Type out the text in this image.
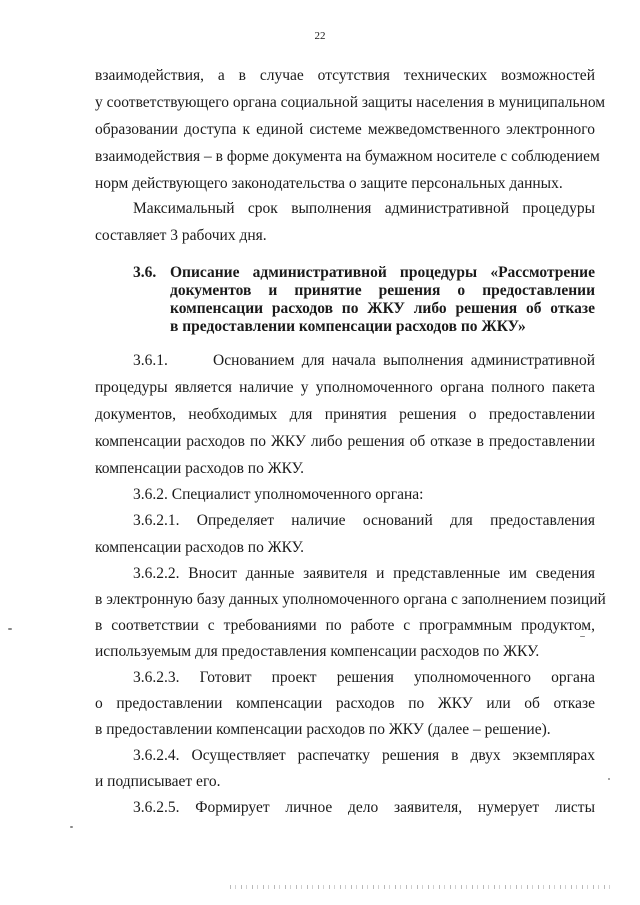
22
взаимодействия, а в случае отсутствия технических возможностей
у соответствующего органа социальной защиты населения в муниципальном
образовании доступа к единой системе межведомственного электронного
взаимодействия – в форме документа на бумажном носителе с соблюдением
норм действующего законодательства о защите персональных данных.
Максимальный срок выполнения административной процедуры
составляет 3 рабочих дня.
3.6. Описание административной процедуры «Рассмотрение
документов и принятие решения о предоставлении
компенсации расходов по ЖКУ либо решения об отказе
в предоставлении компенсации расходов по ЖКУ»
3.6.1.	Основанием для начала выполнения административной
процедуры является наличие у уполномоченного органа полного пакета
документов, необходимых для принятия решения о предоставлении
компенсации расходов по ЖКУ либо решения об отказе в предоставлении
компенсации расходов по ЖКУ.
3.6.2. Специалист уполномоченного органа:
3.6.2.1. Определяет наличие оснований для предоставления
компенсации расходов по ЖКУ.
3.6.2.2. Вносит данные заявителя и представленные им сведения
в электронную базу данных уполномоченного органа с заполнением позиций
в соответствии с требованиями по работе с программным продуктом,
используемым для предоставления компенсации расходов по ЖКУ.
3.6.2.3. Готовит проект решения уполномоченного органа
о предоставлении компенсации расходов по ЖКУ или об отказе
в предоставлении компенсации расходов по ЖКУ (далее – решение).
3.6.2.4. Осуществляет распечатку решения в двух экземплярах
и подписывает его.
3.6.2.5. Формирует личное дело заявителя, нумерует листы
